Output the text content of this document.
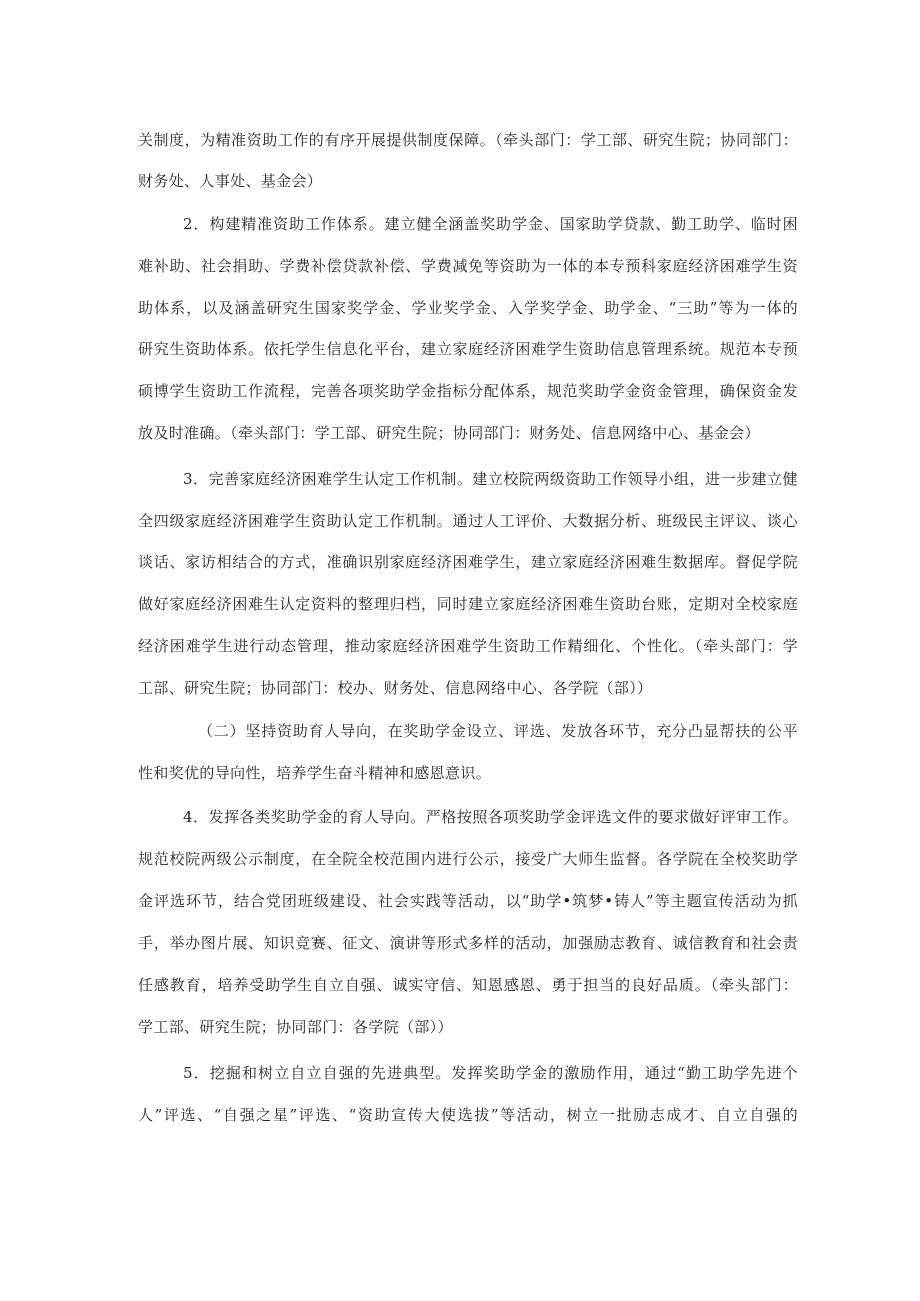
关制度，为精准资助工作的有序开展提供制度保障。（牵头部门：学工部、研究生院；协同部门：
财务处、人事处、基金会）
2．构建精准资助工作体系。建立健全涵盖奖助学金、国家助学贷款、勤工助学、临时困
难补助、社会捐助、学费补偿贷款补偿、学费减免等资助为一体的本专预科家庭经济困难学生资
助体系，以及涵盖研究生国家奖学金、学业奖学金、入学奖学金、助学金、“三助”等为一体的
研究生资助体系。依托学生信息化平台，建立家庭经济困难学生资助信息管理系统。规范本专预
硕博学生资助工作流程，完善各项奖助学金指标分配体系，规范奖助学金资金管理，确保资金发
放及时准确。（牵头部门：学工部、研究生院；协同部门：财务处、信息网络中心、基金会）
3．完善家庭经济困难学生认定工作机制。建立校院两级资助工作领导小组，进一步建立健
全四级家庭经济困难学生资助认定工作机制。通过人工评价、大数据分析、班级民主评议、谈心
谈话、家访相结合的方式，准确识别家庭经济困难学生，建立家庭经济困难生数据库。督促学院
做好家庭经济困难生认定资料的整理归档，同时建立家庭经济困难生资助台账，定期对全校家庭
经济困难学生进行动态管理，推动家庭经济困难学生资助工作精细化、个性化。（牵头部门：学
工部、研究生院；协同部门：校办、财务处、信息网络中心、各学院（部））
（二）坚持资助育人导向，在奖助学金设立、评选、发放各环节，充分凸显帮扶的公平
性和奖优的导向性，培养学生奋斗精神和感恩意识。
4．发挥各类奖助学金的育人导向。严格按照各项奖助学金评选文件的要求做好评审工作。
规范校院两级公示制度，在全院全校范围内进行公示，接受广大师生监督。各学院在全校奖助学
金评选环节，结合党团班级建设、社会实践等活动，以“助学•筑梦•铸人”等主题宣传活动为抓
手，举办图片展、知识竞赛、征文、演讲等形式多样的活动，加强励志教育、诚信教育和社会责
任感教育，培养受助学生自立自强、诚实守信、知恩感恩、勇于担当的良好品质。（牵头部门：
学工部、研究生院；协同部门：各学院（部））
5．挖掘和树立自立自强的先进典型。发挥奖助学金的激励作用，通过“勤工助学先进个
人”评选、“自强之星”评选、“资助宣传大使选拔”等活动，树立一批励志成才、自立自强的
